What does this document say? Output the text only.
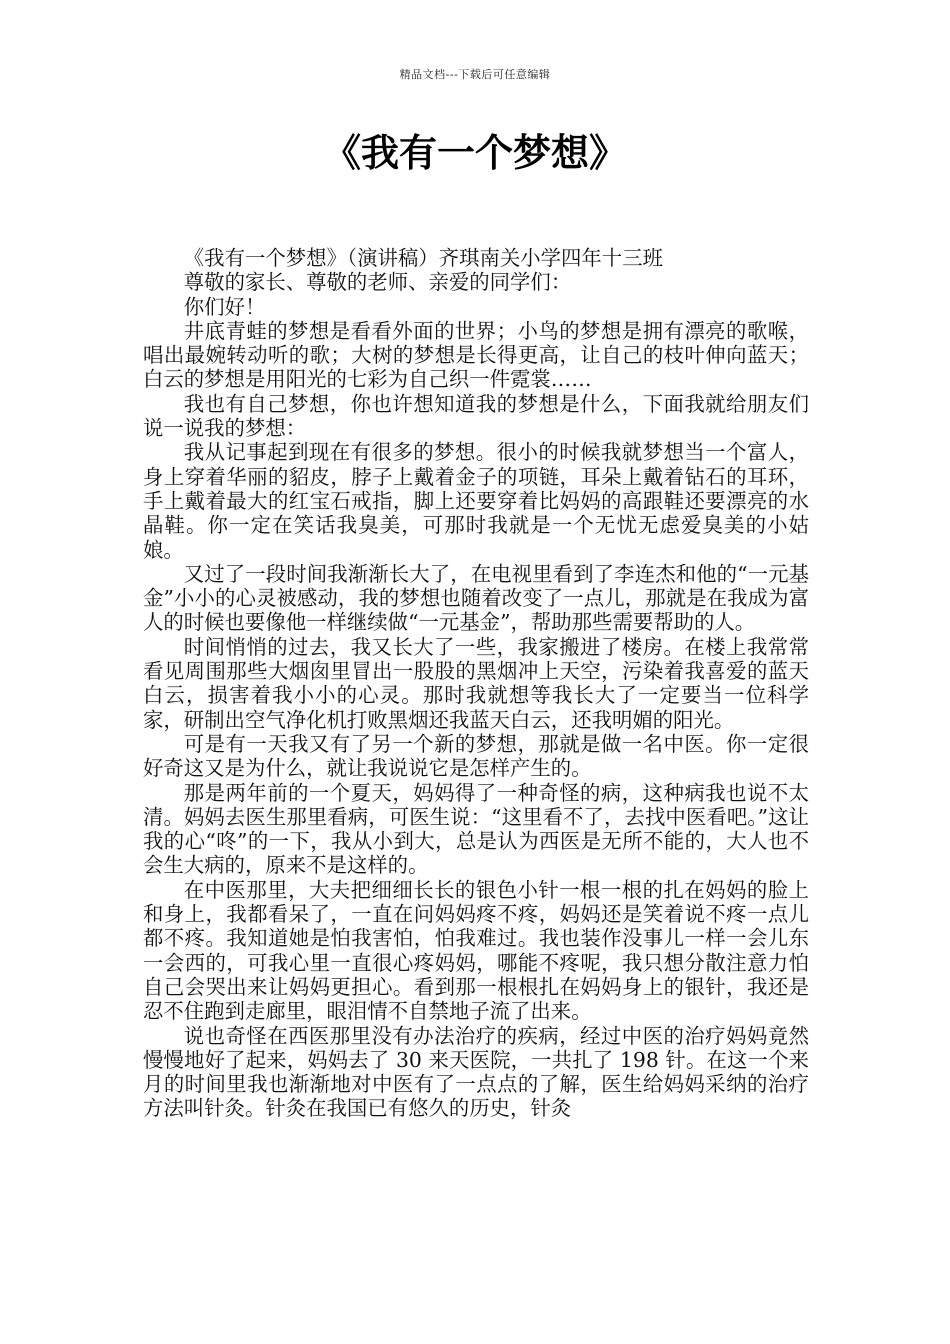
精品文档---下载后可任意编辑
《我有一个梦想》

《我有一个梦想》（演讲稿）齐琪南关小学四年十三班

尊敬的家长、尊敬的老师、亲爱的同学们：

你们好！

井底青蛙的梦想是看看外面的世界；小鸟的梦想是拥有漂亮的歌喉，唱出最婉转动听的歌；大树的梦想是长得更高，让自己的枝叶伸向蓝天；白云的梦想是用阳光的七彩为自己织一件霓裳……

我也有自己梦想，你也许想知道我的梦想是什么，下面我就给朋友们说一说我的梦想：

我从记事起到现在有很多的梦想。很小的时候我就梦想当一个富人，身上穿着华丽的貂皮，脖子上戴着金子的项链，耳朵上戴着钻石的耳环，手上戴着最大的红宝石戒指，脚上还要穿着比妈妈的高跟鞋还要漂亮的水晶鞋。你一定在笑话我臭美，可那时我就是一个无忧无虑爱臭美的小姑娘。

又过了一段时间我渐渐长大了，在电视里看到了李连杰和他的“一元基金”小小的心灵被感动，我的梦想也随着改变了一点儿，那就是在我成为富人的时候也要像他一样继续做“一元基金”，帮助那些需要帮助的人。

时间悄悄的过去，我又长大了一些，我家搬进了楼房。在楼上我常常看见周围那些大烟囱里冒出一股股的黑烟冲上天空，污染着我喜爱的蓝天白云，损害着我小小的心灵。那时我就想等我长大了一定要当一位科学家，研制出空气净化机打败黑烟还我蓝天白云，还我明媚的阳光。

可是有一天我又有了另一个新的梦想，那就是做一名中医。你一定很好奇这又是为什么，就让我说说它是怎样产生的。

那是两年前的一个夏天，妈妈得了一种奇怪的病，这种病我也说不太清。妈妈去医生那里看病，可医生说：“这里看不了，去找中医看吧。”这让我的心“咚”的一下，我从小到大，总是认为西医是无所不能的，大人也不会生大病的，原来不是这样的。

在中医那里，大夫把细细长长的银色小针一根一根的扎在妈妈的脸上和身上，我都看呆了，一直在问妈妈疼不疼，妈妈还是笑着说不疼一点儿都不疼。我知道她是怕我害怕，怕我难过。我也装作没事儿一样一会儿东一会西的，可我心里一直很心疼妈妈，哪能不疼呢，我只想分散注意力怕自己会哭出来让妈妈更担心。看到那一根根扎在妈妈身上的银针，我还是忍不住跑到走廊里，眼泪情不自禁地子流了出来。

说也奇怪在西医那里没有办法治疗的疾病，经过中医的治疗妈妈竟然慢慢地好了起来，妈妈去了 30 来天医院，一共扎了 198 针。在这一个来月的时间里我也渐渐地对中医有了一点点的了解，医生给妈妈采纳的治疗方法叫针灸。针灸在我国已有悠久的历史，针灸
